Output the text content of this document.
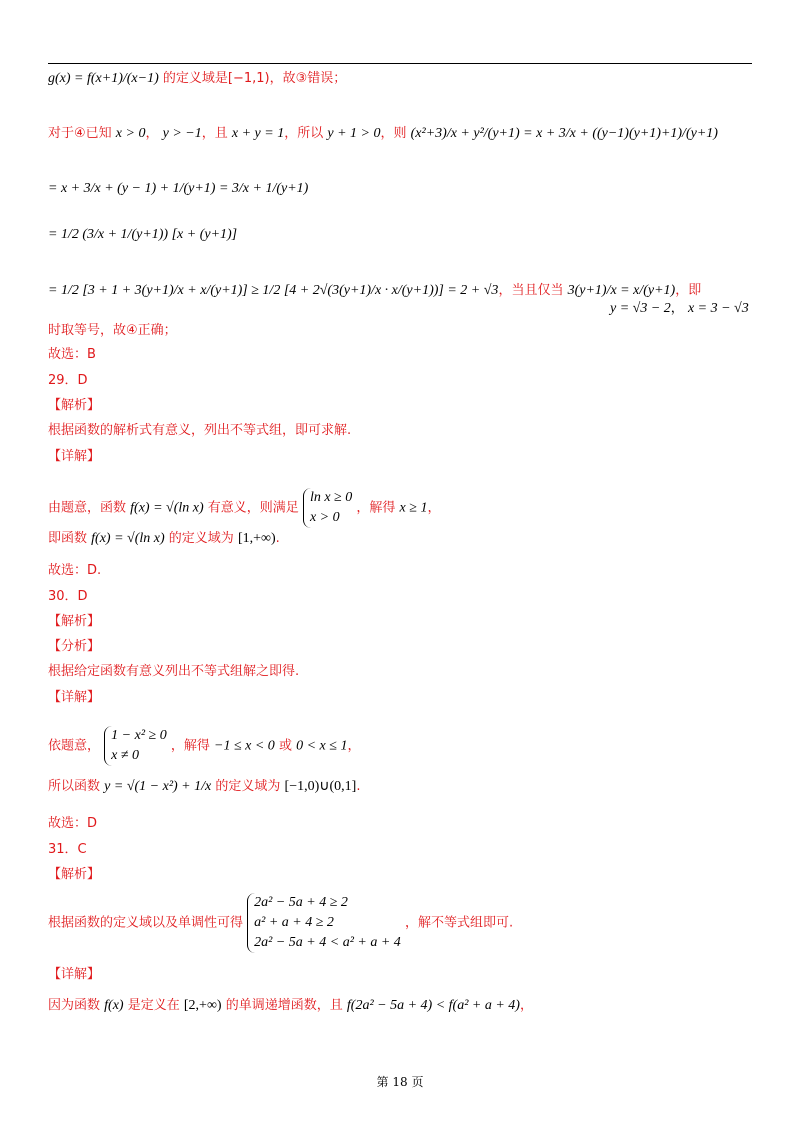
g(x) = f(x+1)/(x−1) 的定义域是[−1,1)，故③错误；
对于④已知 x > 0， y > −1，且 x + y = 1，所以 y + 1 > 0，则 (x²+3)/x + y²/(y+1) = x + 3/x + ((y−1)(y+1)+1)/(y+1)
= x + 3/x + (y − 1) + 1/(y+1) = 3/x + 1/(y+1)
= 1/2 (3/x + 1/(y+1)) [x + (y+1)]
= 1/2 [3 + 1 + 3(y+1)/x + x/(y+1)] ≥ 1/2 [4 + 2√(3(y+1)/x · x/(y+1))] = 2 + √3，当且仅当 3(y+1)/x = x/(y+1)，即
y = √3 − 2， x = 3 − √3
时取等号，故④正确；
故选：B
29．D
【解析】
根据函数的解析式有意义，列出不等式组，即可求解.
【详解】
由题意，函数 f(x) = √(ln x) 有意义，则满足
ln x ≥ 0
x > 0
，解得 x ≥ 1，
即函数 f(x) = √(ln x) 的定义域为 [1,+∞).
故选：D.
30．D
【解析】
【分析】
根据给定函数有意义列出不等式组解之即得.
【详解】
依题意，
1 − x² ≥ 0
x ≠ 0
，解得 −1 ≤ x < 0 或 0 < x ≤ 1，
所以函数 y = √(1 − x²) + 1/x 的定义域为 [−1,0)∪(0,1].
故选：D
31．C
【解析】
根据函数的定义域以及单调性可得
2a² − 5a + 4 ≥ 2
a² + a + 4 ≥ 2
2a² − 5a + 4 < a² + a + 4
，解不等式组即可.
【详解】
因为函数 f(x) 是定义在 [2,+∞) 的单调递增函数，且 f(2a² − 5a + 4) < f(a² + a + 4)，
第 18 页
